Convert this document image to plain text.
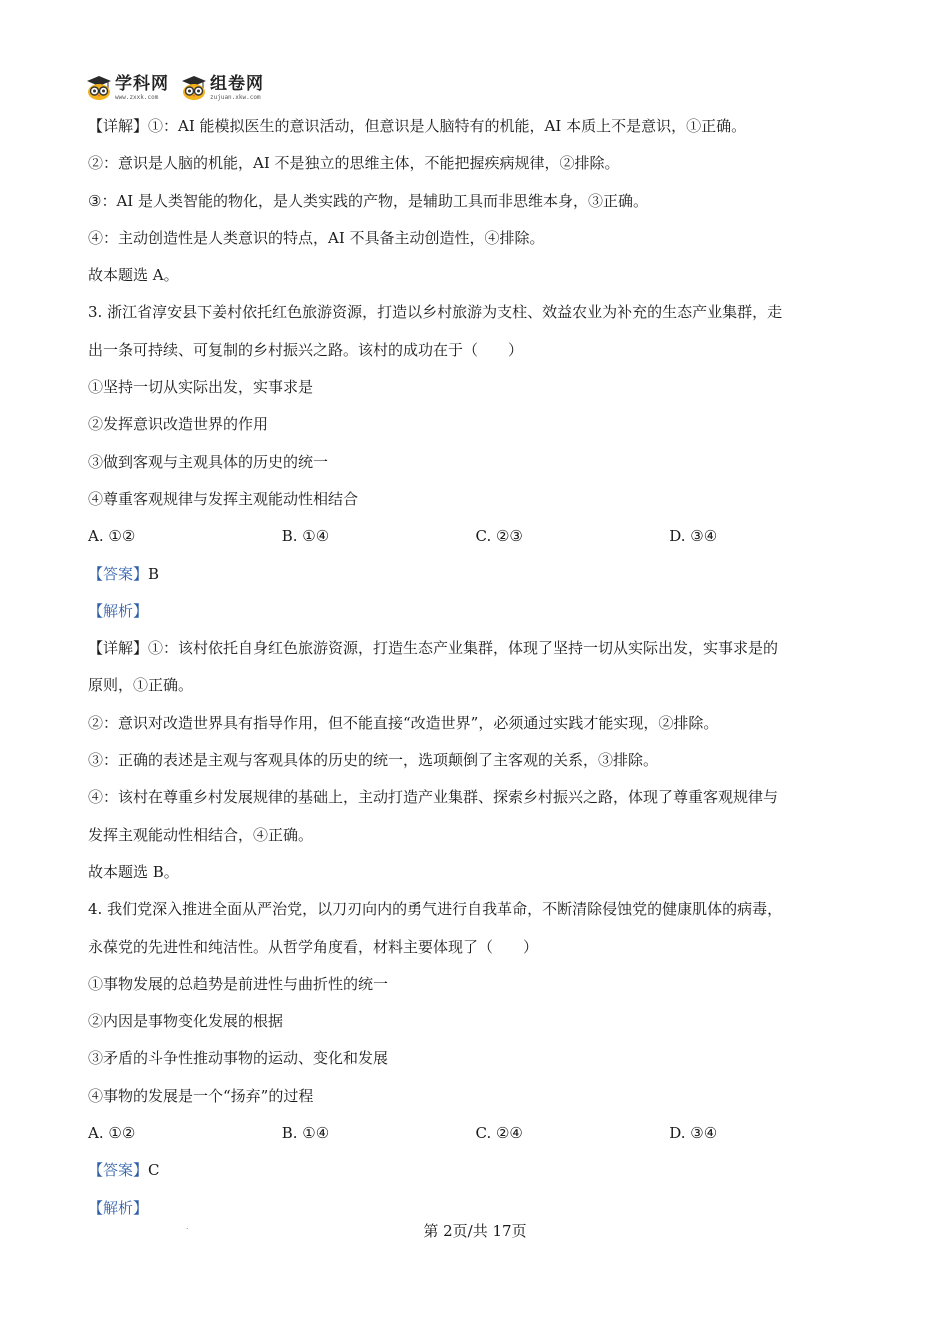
学科网
www.zxxk.com
组卷网
zujuan.xkw.com
【详解】①：AI 能模拟医生的意识活动，但意识是人脑特有的机能，AI 本质上不是意识，①正确。
②：意识是人脑的机能，AI 不是独立的思维主体，不能把握疾病规律，②排除。
③：AI 是人类智能的物化，是人类实践的产物，是辅助工具而非思维本身，③正确。
④：主动创造性是人类意识的特点，AI 不具备主动创造性，④排除。
故本题选 A。
3. 浙江省淳安县下姜村依托红色旅游资源，打造以乡村旅游为支柱、效益农业为补充的生态产业集群，走
出一条可持续、可复制的乡村振兴之路。该村的成功在于（　　）
①坚持一切从实际出发，实事求是
②发挥意识改造世界的作用
③做到客观与主观具体的历史的统一
④尊重客观规律与发挥主观能动性相结合
A. ①②	B. ①④	C. ②③	D. ③④
【答案】B
【解析】
【详解】①：该村依托自身红色旅游资源，打造生态产业集群，体现了坚持一切从实际出发，实事求是的
原则，①正确。
②：意识对改造世界具有指导作用，但不能直接“改造世界”，必须通过实践才能实现，②排除。
③：正确的表述是主观与客观具体的历史的统一，选项颠倒了主客观的关系，③排除。
④：该村在尊重乡村发展规律的基础上，主动打造产业集群、探索乡村振兴之路，体现了尊重客观规律与
发挥主观能动性相结合，④正确。
故本题选 B。
4. 我们党深入推进全面从严治党，以刀刃向内的勇气进行自我革命，不断清除侵蚀党的健康肌体的病毒，
永葆党的先进性和纯洁性。从哲学角度看，材料主要体现了（　　）
①事物发展的总趋势是前进性与曲折性的统一
②内因是事物变化发展的根据
③矛盾的斗争性推动事物的运动、变化和发展
④事物的发展是一个“扬弃”的过程
A. ①②	B. ①④	C. ②④	D. ③④
【答案】C
【解析】
.	第 2页/共 17页
